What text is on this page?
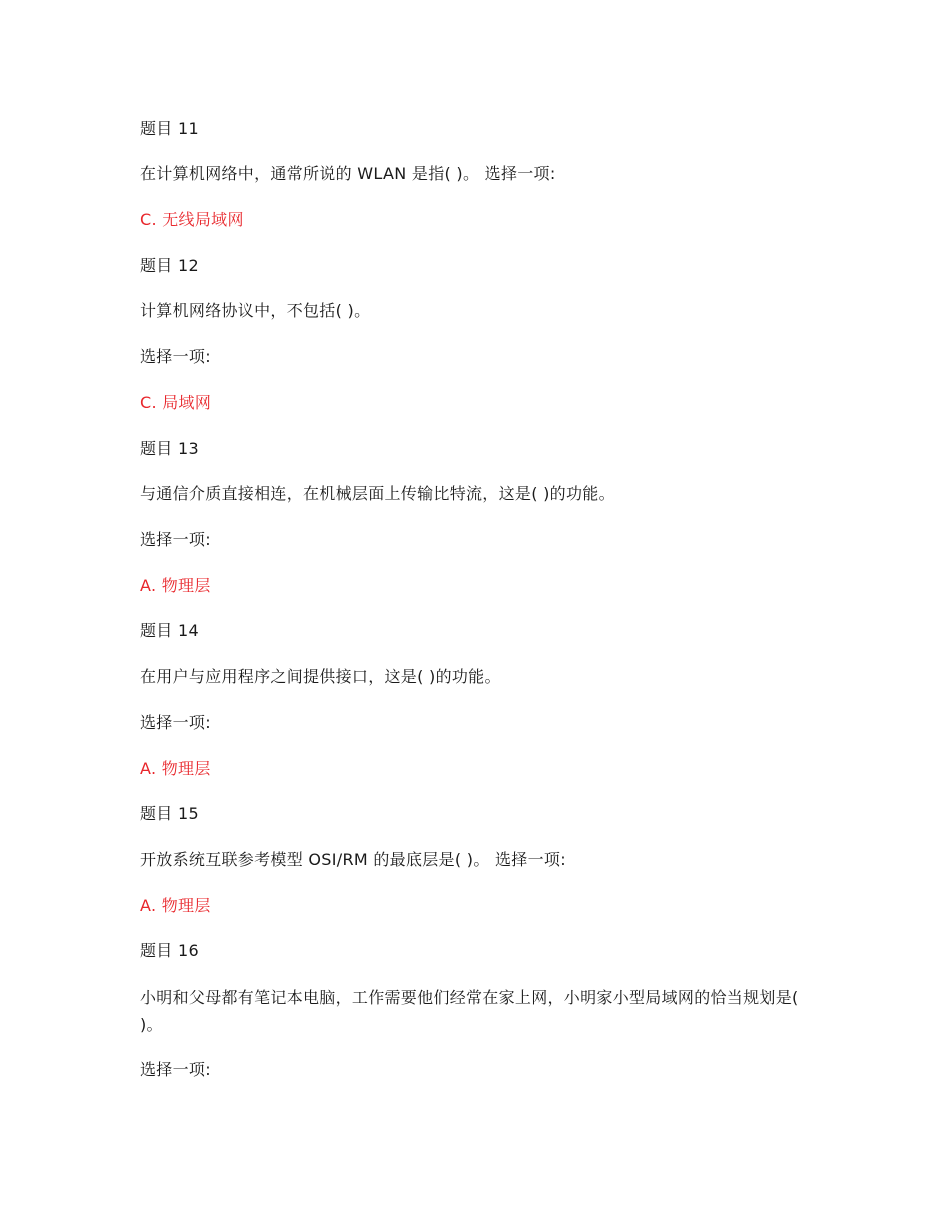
题目 11
在计算机网络中，通常所说的 WLAN 是指( )。 选择一项:
C. 无线局域网
题目 12
计算机网络协议中，不包括( )。
选择一项:
C. 局域网
题目 13
与通信介质直接相连，在机械层面上传输比特流，这是( )的功能。
选择一项:
A. 物理层
题目 14
在用户与应用程序之间提供接口，这是( )的功能。
选择一项:
A. 物理层
题目 15
开放系统互联参考模型 OSI/RM 的最底层是( )。 选择一项:
A. 物理层
题目 16
小明和父母都有笔记本电脑，工作需要他们经常在家上网，小明家小型局域网的恰当规划是( )。
选择一项:
